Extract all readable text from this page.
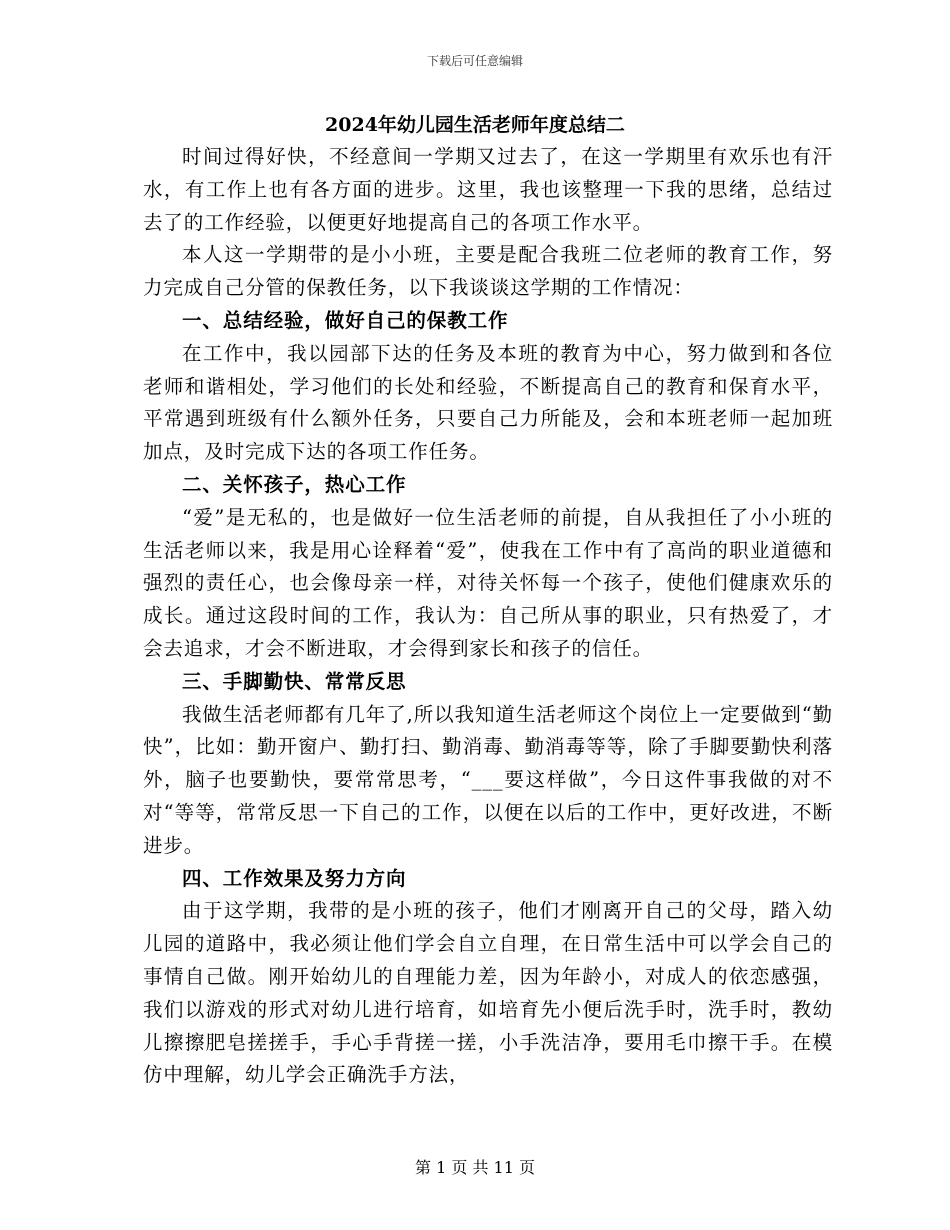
下载后可任意编辑
2024年幼儿园生活老师年度总结二

时间过得好快，不经意间一学期又过去了，在这一学期里有欢乐也有汗水，有工作上也有各方面的进步。这里，我也该整理一下我的思绪，总结过去了的工作经验，以便更好地提高自己的各项工作水平。

本人这一学期带的是小小班，主要是配合我班二位老师的教育工作，努力完成自己分管的保教任务，以下我谈谈这学期的工作情况：

一、总结经验，做好自己的保教工作

在工作中，我以园部下达的任务及本班的教育为中心，努力做到和各位老师和谐相处，学习他们的长处和经验，不断提高自己的教育和保育水平，平常遇到班级有什么额外任务，只要自己力所能及，会和本班老师一起加班加点，及时完成下达的各项工作任务。

二、关怀孩子，热心工作

“爱”是无私的，也是做好一位生活老师的前提，自从我担任了小小班的生活老师以来，我是用心诠释着“爱”，使我在工作中有了高尚的职业道德和强烈的责任心，也会像母亲一样，对待关怀每一个孩子，使他们健康欢乐的成长。通过这段时间的工作，我认为：自己所从事的职业，只有热爱了，才会去追求，才会不断进取，才会得到家长和孩子的信任。

三、手脚勤快、常常反思

我做生活老师都有几年了,所以我知道生活老师这个岗位上一定要做到“勤快”，比如：勤开窗户、勤打扫、勤消毒、勤消毒等等，除了手脚要勤快利落外，脑子也要勤快，要常常思考，“___要这样做”，今日这件事我做的对不对“等等，常常反思一下自己的工作，以便在以后的工作中，更好改进，不断进步。

四、工作效果及努力方向

由于这学期，我带的是小班的孩子，他们才刚离开自己的父母，踏入幼儿园的道路中，我必须让他们学会自立自理，在日常生活中可以学会自己的事情自己做。刚开始幼儿的自理能力差，因为年龄小，对成人的依恋感强，我们以游戏的形式对幼儿进行培育，如培育先小便后洗手时，洗手时，教幼儿擦擦肥皂搓搓手，手心手背搓一搓，小手洗洁净，要用毛巾擦干手。在模仿中理解，幼儿学会正确洗手方法，

第 1 页 共 11 页
